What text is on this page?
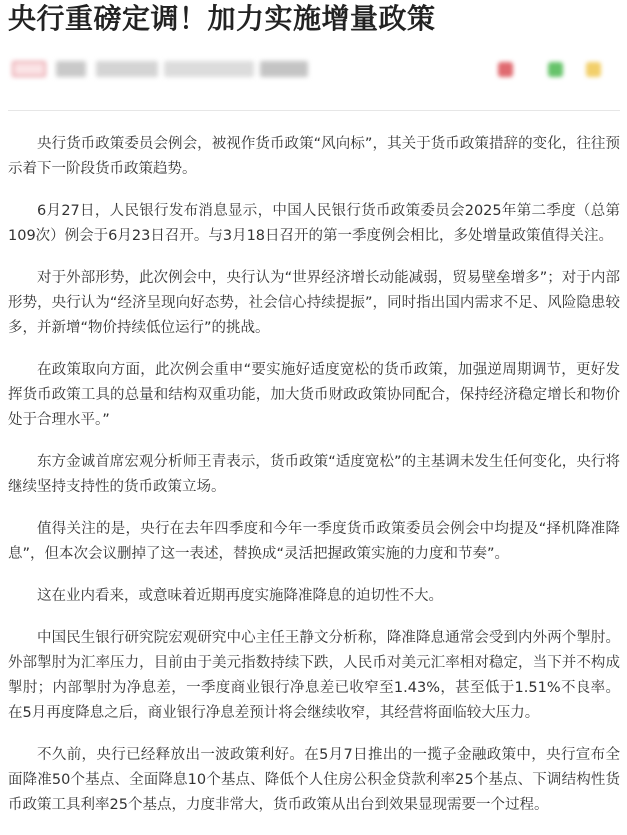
央行重磅定调！加力实施增量政策

央行货币政策委员会例会，被视作货币政策“风向标”，其关于货币政策措辞的变化，往往预示着下一阶段货币政策趋势。

6月27日，人民银行发布消息显示，中国人民银行货币政策委员会2025年第二季度（总第109次）例会于6月23日召开。与3月18日召开的第一季度例会相比，多处增量政策值得关注。

对于外部形势，此次例会中，央行认为“世界经济增长动能减弱，贸易壁垒增多”；对于内部形势，央行认为“经济呈现向好态势，社会信心持续提振”，同时指出国内需求不足、风险隐患较多，并新增“物价持续低位运行”的挑战。

在政策取向方面，此次例会重申“要实施好适度宽松的货币政策，加强逆周期调节，更好发挥货币政策工具的总量和结构双重功能，加大货币财政政策协同配合，保持经济稳定增长和物价处于合理水平。”

东方金诚首席宏观分析师王青表示，货币政策“适度宽松”的主基调未发生任何变化，央行将继续坚持支持性的货币政策立场。

值得关注的是，央行在去年四季度和今年一季度货币政策委员会例会中均提及“择机降准降息”，但本次会议删掉了这一表述，替换成“灵活把握政策实施的力度和节奏”。

这在业内看来，或意味着近期再度实施降准降息的迫切性不大。

中国民生银行研究院宏观研究中心主任王静文分析称，降准降息通常会受到内外两个掣肘。外部掣肘为汇率压力，目前由于美元指数持续下跌，人民币对美元汇率相对稳定，当下并不构成掣肘；内部掣肘为净息差，一季度商业银行净息差已收窄至1.43%，甚至低于1.51%不良率。在5月再度降息之后，商业银行净息差预计将会继续收窄，其经营将面临较大压力。

不久前，央行已经释放出一波政策利好。在5月7日推出的一揽子金融政策中，央行宣布全面降准50个基点、全面降息10个基点、降低个人住房公积金贷款利率25个基点、下调结构性货币政策工具利率25个基点，力度非常大，货币政策从出台到效果显现需要一个过程。
